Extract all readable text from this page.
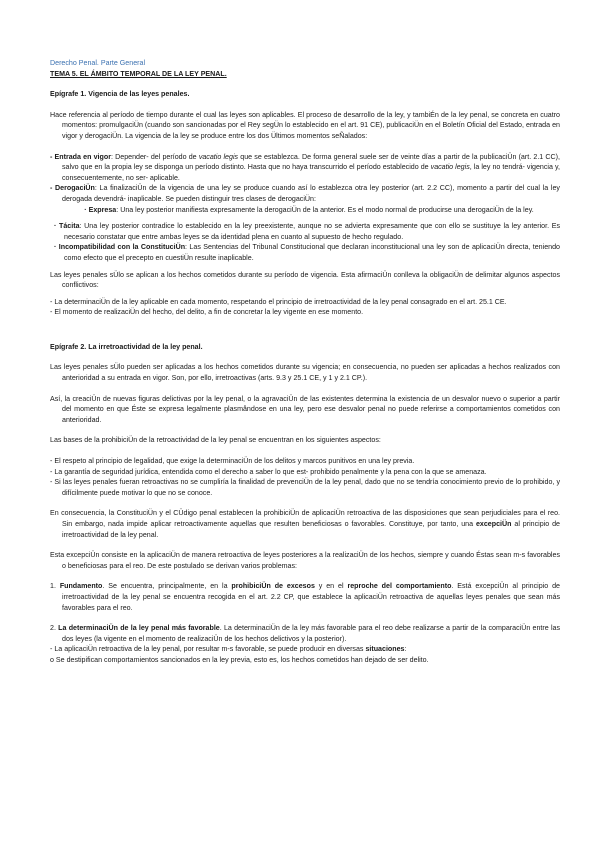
Derecho Penal. Parte General
TEMA 5. EL ÁMBITO TEMPORAL DE LA LEY PENAL.
Epígrafe 1. Vigencia de las leyes penales.

Hace referencia al período de tiempo durante el cual las leyes son aplicables. El proceso de desarrollo de la ley, y tambiÉn de la ley penal, se concreta en cuatro momentos: promulgaciÜn (cuando son sancionadas por el Rey segÜn lo establecido en el art. 91 CE), publicaciÜn en el Boletín Oficial del Estado, entrada en vigor y derogaciÜn. La vigencia de la ley se produce entre los dos Ültimos momentos seÑalados:

- Entrada en vigor: Depender- del período de vacatio legis que se establezca. De forma general suele ser de veinte días a partir de la publicaciÜn (art. 2.1 CC), salvo que en la propia ley se disponga un período distinto. Hasta que no haya transcurrido el período establecido de vacatio legis, la ley no tendrá- vigencia y, consecuentemente, no ser- aplicable.

- DerogaciÜn: La finalizaciÜn de la vigencia de una ley se produce cuando así lo establezca otra ley posterior (art. 2.2 CC), momento a partir del cual la ley derogada devendrá- inaplicable. Se pueden distinguir tres clases de derogaciÜn:

· Expresa: Una ley posterior manifiesta expresamente la derogaciÜn de la anterior. Es el modo normal de producirse una derogaciÜn de la ley.

· Tácita: Una ley posterior contradice lo establecido en la ley preexistente, aunque no se advierta expresamente que con ello se sustituye la ley anterior. Es necesario constatar que entre ambas leyes se da identidad plena en cuanto al supuesto de hecho regulado.

· Incompatibilidad con la ConstituciÜn: Las Sentencias del Tribunal Constitucional que declaran inconstitucional una ley son de aplicaciÜn directa, teniendo como efecto que el precepto en cuestiÜn resulte inaplicable.

Las leyes penales sÜlo se aplican a los hechos cometidos durante su período de vigencia. Esta afirmaciÜn conlleva la obligaciÜn de delimitar algunos aspectos conflictivos:

- La determinaciÜn de la ley aplicable en cada momento, respetando el principio de irretroactividad de la ley penal consagrado en el art. 25.1 CE.

- El momento de realizaciÜn del hecho, del delito, a fin de concretar la ley vigente en ese momento.

Epígrafe 2. La irretroactividad de la ley penal.

Las leyes penales sÜlo pueden ser aplicadas a los hechos cometidos durante su vigencia; en consecuencia, no pueden ser aplicadas a hechos realizados con anterioridad a su entrada en vigor. Son, por ello, irretroactivas (arts. 9.3 y 25.1 CE, y 1 y 2.1 CP.).

Así, la creaciÜn de nuevas figuras delictivas por la ley penal, o la agravaciÜn de las existentes determina la existencia de un desvalor nuevo o superior a partir del momento en que Éste se expresa legalmente plasmåndose en una ley, pero ese desvalor penal no puede referirse a comportamientos cometidos con anterioridad.

Las bases de la prohibiciÜn de la retroactividad de la ley penal se encuentran en los siguientes aspectos:

- El respeto al principio de legalidad, que exige la determinaciÜn de los delitos y marcos punitivos en una ley previa.

- La garantía de seguridad jurídica, entendida como el derecho a saber lo que est- prohibido penalmente y la pena con la que se amenaza.

- Si las leyes penales fueran retroactivas no se cumpliría la finalidad de prevenciÜn de la ley penal, dado que no se tendría conocimiento previo de lo prohibido, y difícilmente puede motivar lo que no se conoce.

En consecuencia, la ConstituciÜn y el CÜdigo penal establecen la prohibiciÜn de aplicaciÜn retroactiva de las disposiciones que sean perjudiciales para el reo. Sin embargo, nada impide aplicar retroactivamente aquellas que resulten beneficiosas o favorables. Constituye, por tanto, una excepciÜn al principio de irretroactividad de la ley penal.

Esta excepciÜn consiste en la aplicaciÜn de manera retroactiva de leyes posteriores a la realizaciÜn de los hechos, siempre y cuando Éstas sean m-s favorables o beneficiosas para el reo. De este postulado se derivan varios problemas:

1. Fundamento. Se encuentra, principalmente, en la prohibiciÜn de excesos y en el reproche del comportamiento. Está excepciÜn al principio de irretroactividad de la ley penal se encuentra recogida en el art. 2.2 CP, que establece la aplicaciÜn retroactiva de aquellas leyes penales que sean más favorables para el reo.

2. La determinaciÜn de la ley penal más favorable. La determinaciÜn de la ley más favorable para el reo debe realizarse a partir de la comparaciÜn entre las dos leyes (la vigente en el momento de realizaciÜn de los hechos delictivos y la posterior).

- La aplicaciÜn retroactiva de la ley penal, por resultar m-s favorable, se puede producir en diversas situaciones:

o Se destipifican comportamientos sancionados en la ley previa, esto es, los hechos cometidos han dejado de ser delito.
